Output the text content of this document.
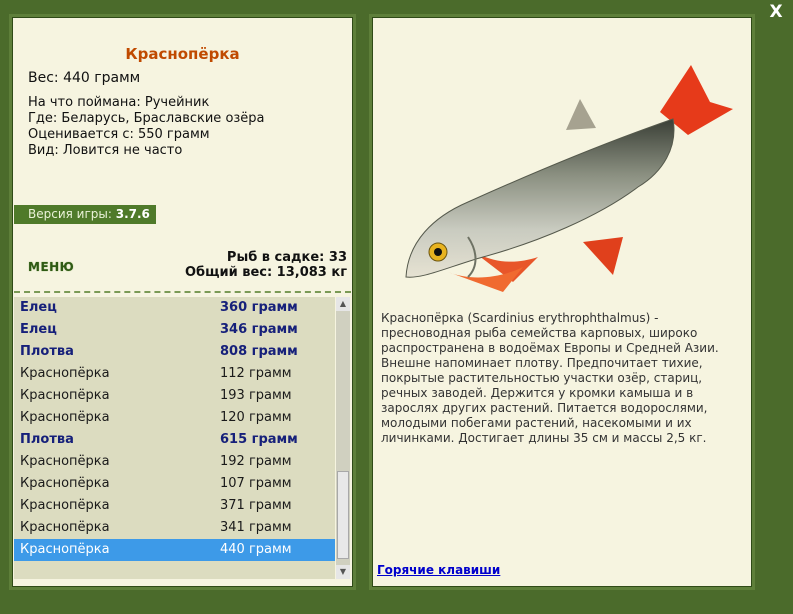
X
Краснопёрка
Вес: 440 грамм
На что поймана: Ручейник
Где: Беларусь, Браславские озёра
Оценивается с: 550 грамм
Вид: Ловится не часто
Версия игры: 3.7.6
МЕНЮ
Рыб в садке: 33
Общий вес: 13,083 кг
Елец	360 грамм
Елец	346 грамм
Плотва	808 грамм
Краснопёрка	112 грамм
Краснопёрка	193 грамм
Краснопёрка	120 грамм
Плотва	615 грамм
Краснопёрка	192 грамм
Краснопёрка	107 грамм
Краснопёрка	371 грамм
Краснопёрка	341 грамм
Краснопёрка	440 грамм
▲
▼
Краснопёрка (Scardinius erythrophthalmus) - пресноводная рыба семейства карповых, широко распространена в водоёмах Европы и Средней Азии. Внешне напоминает плотву. Предпочитает тихие, покрытые растительностью участки озёр, стариц, речных заводей. Держится у кромки камыша и в зарослях других растений. Питается водорослями, молодыми побегами растений, насекомыми и их личинками. Достигает длины 35 см и массы 2,5 кг.
Горячие клавиши
